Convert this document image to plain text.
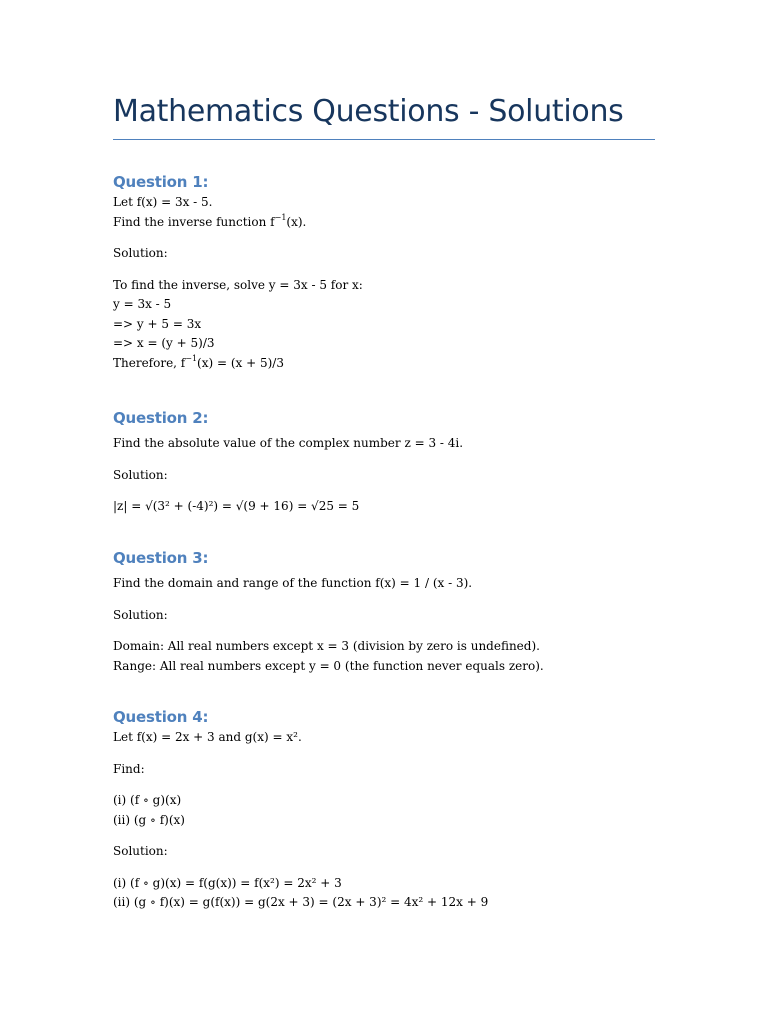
Mathematics Questions - Solutions
Question 1:

Let f(x) = 3x - 5.

Find the inverse function $f^{-1}(x)$.

Solution:

To find the inverse, solve y = 3x - 5 for x:

y = 3x - 5

=> y + 5 = 3x

=> x = (y + 5)/3

Therefore, $f^{-1}(x) = (x + 5)/3$

Question 2:

Find the absolute value of the complex number z = 3 - 4i.

Solution:

|z| = √(3² + (-4)²) = √(9 + 16) = √25 = 5

Question 3:

Find the domain and range of the function f(x) = 1 / (x - 3).

Solution:

Domain: All real numbers except x = 3 (division by zero is undefined).

Range: All real numbers except y = 0 (the function never equals zero).

Question 4:

Let f(x) = 2x + 3 and g(x) = x².

Find:

(i) (f ∘ g)(x)

(ii) (g ∘ f)(x)

Solution:

(i) (f ∘ g)(x) = f(g(x)) = f(x²) = 2x² + 3

(ii) (g ∘ f)(x) = g(f(x)) = g(2x + 3) = (2x + 3)² = 4x² + 12x + 9
